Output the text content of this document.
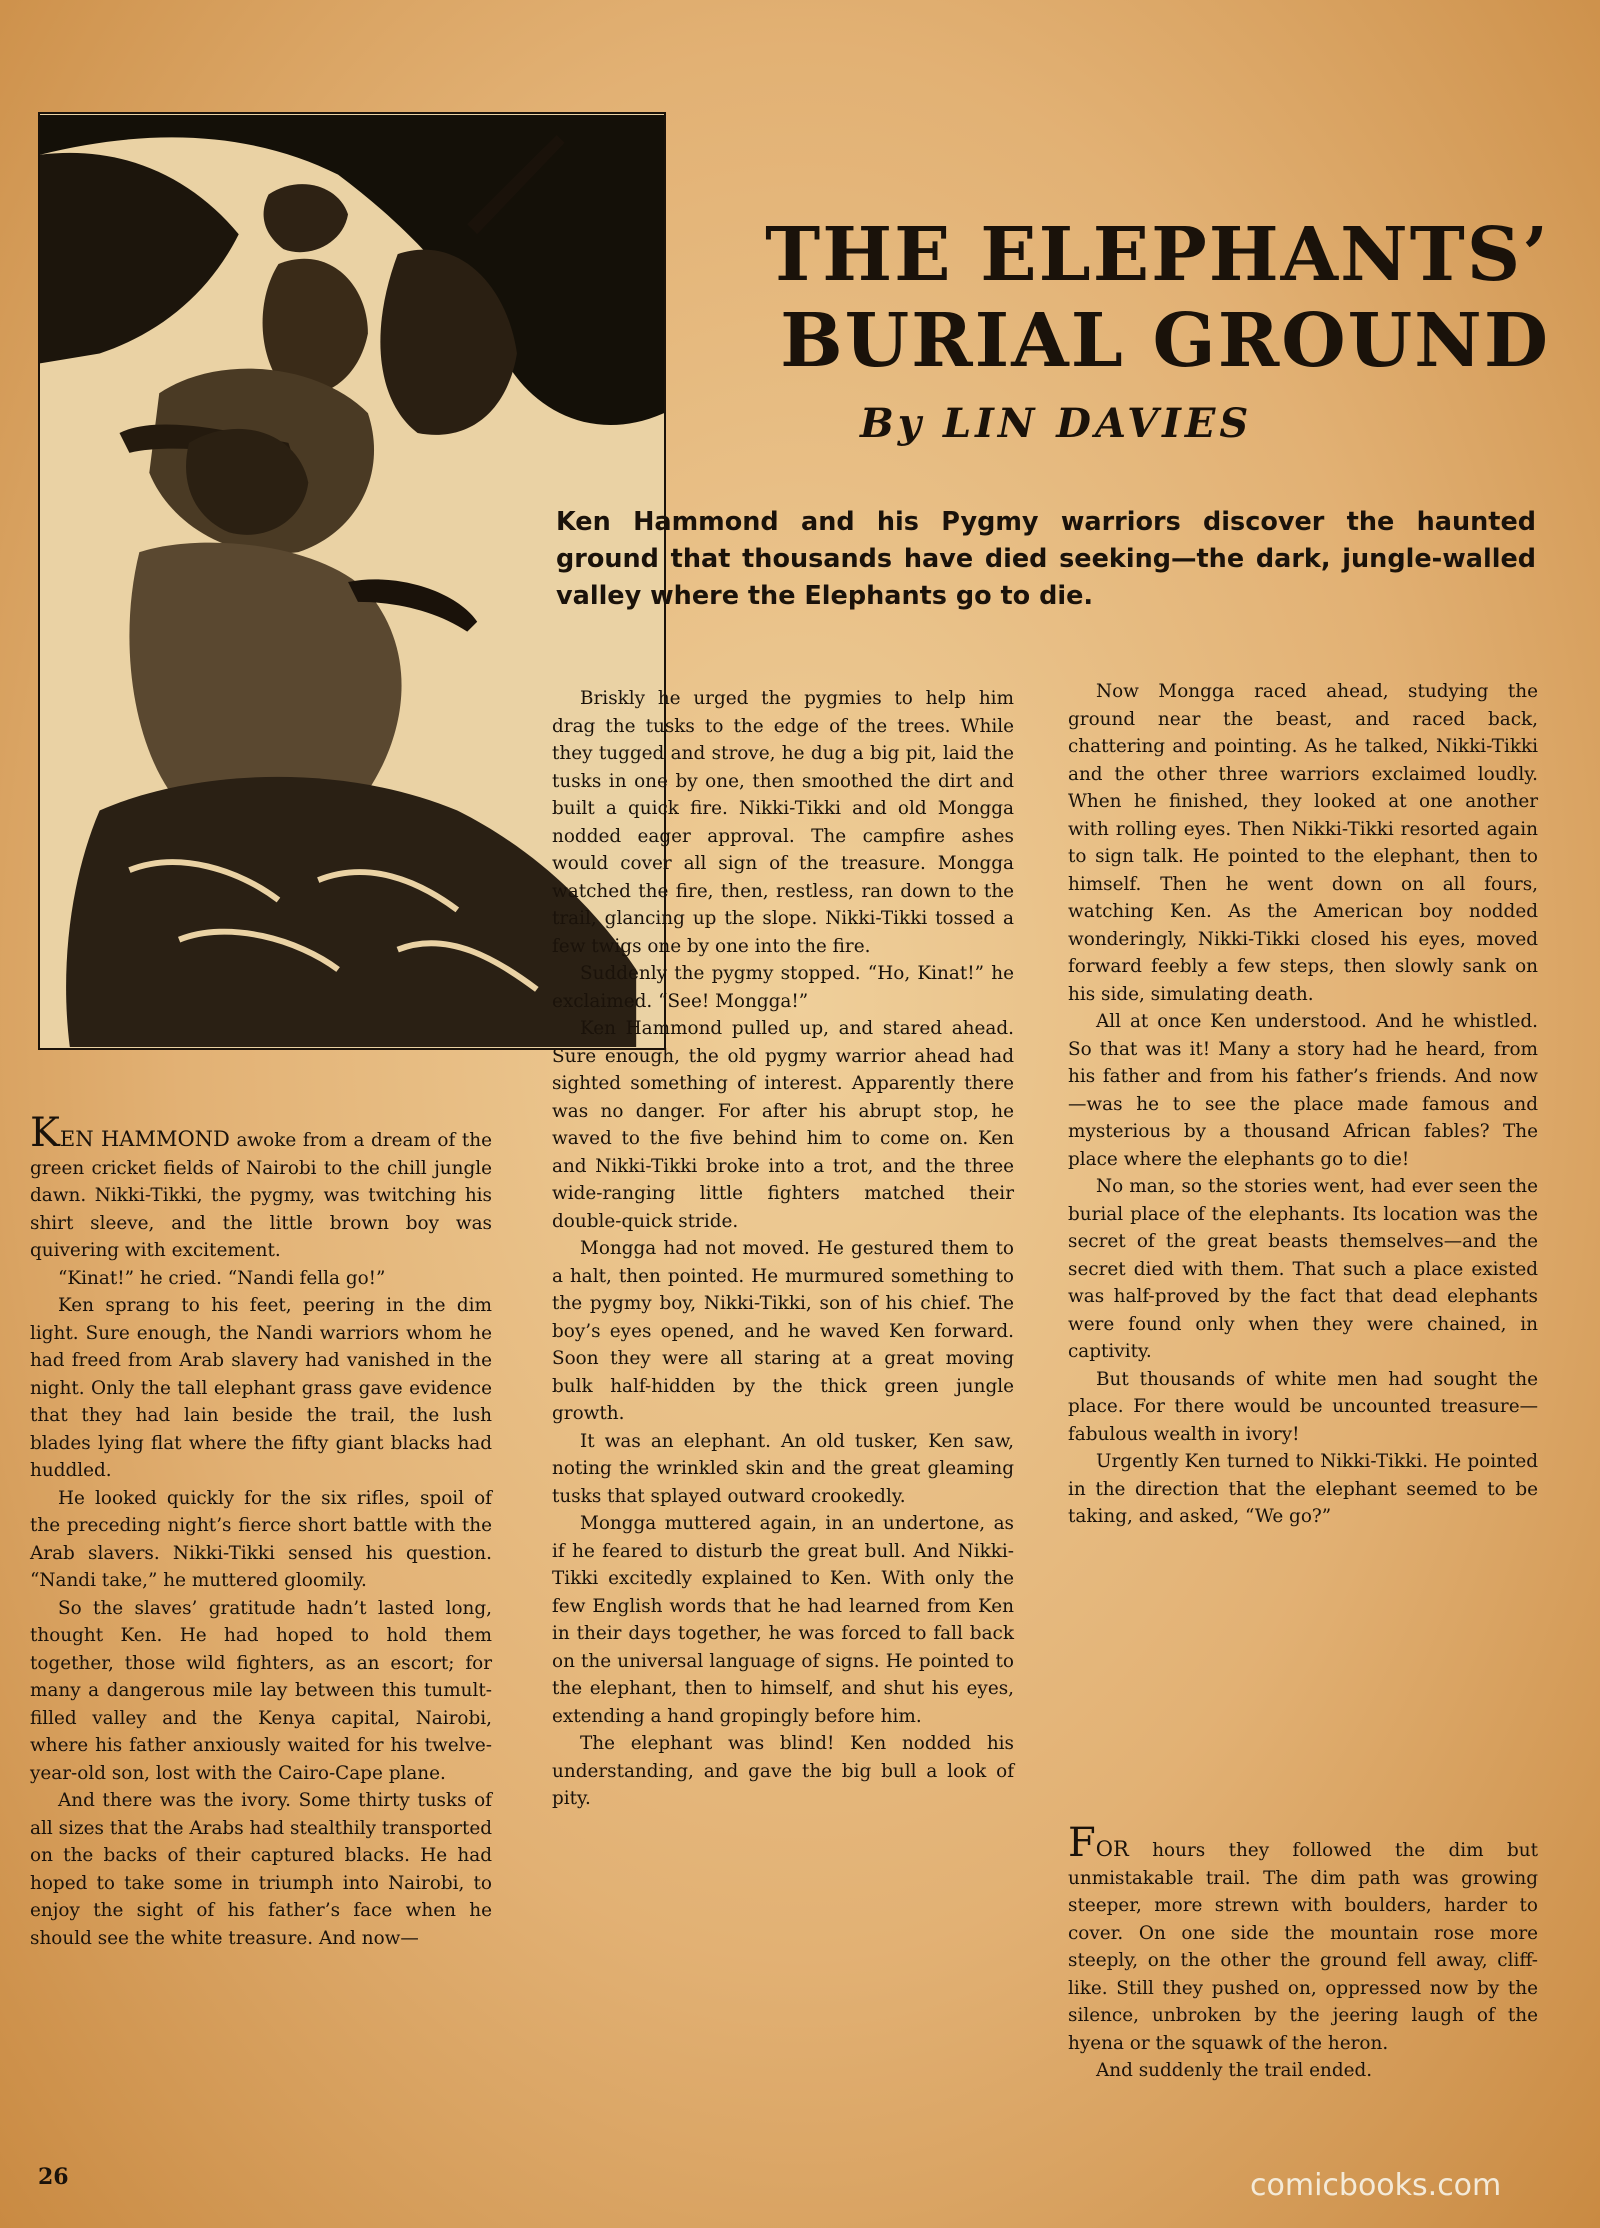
THE ELEPHANTS’
BURIAL GROUND

By LIN DAVIES

Ken Hammond and his Pygmy warriors discover the haunted ground that thousands have died seeking—the dark, jungle-walled valley where the Elephants go to die.

KEN HAMMOND awoke from a dream of the green cricket fields of Nairobi to the chill jungle dawn. Nikki-Tikki, the pygmy, was twitching his shirt sleeve, and the little brown boy was quivering with excitement.

“Kinat!” he cried. “Nandi fella go!”

Ken sprang to his feet, peering in the dim light. Sure enough, the Nandi warriors whom he had freed from Arab slavery had vanished in the night. Only the tall elephant grass gave evidence that they had lain beside the trail, the lush blades lying flat where the fifty giant blacks had huddled.

He looked quickly for the six rifles, spoil of the preceding night’s fierce short battle with the Arab slavers. Nikki-Tikki sensed his question. “Nandi take,” he muttered gloomily.

So the slaves’ gratitude hadn’t lasted long, thought Ken. He had hoped to hold them together, those wild fighters, as an escort; for many a dangerous mile lay between this tumult-filled valley and the Kenya capital, Nairobi, where his father anxiously waited for his twelve-year-old son, lost with the Cairo-Cape plane.

And there was the ivory. Some thirty tusks of all sizes that the Arabs had stealthily transported on the backs of their captured blacks. He had hoped to take some in triumph into Nairobi, to enjoy the sight of his father’s face when he should see the white treasure. And now—

Briskly he urged the pygmies to help him drag the tusks to the edge of the trees. While they tugged and strove, he dug a big pit, laid the tusks in one by one, then smoothed the dirt and built a quick fire. Nikki-Tikki and old Mongga nodded eager approval. The campfire ashes would cover all sign of the treasure. Mongga watched the fire, then, restless, ran down to the trail, glancing up the slope. Nikki-Tikki tossed a few twigs one by one into the fire.

Suddenly the pygmy stopped. “Ho, Kinat!” he exclaimed. “See! Mongga!”

Ken Hammond pulled up, and stared ahead. Sure enough, the old pygmy warrior ahead had sighted something of interest. Apparently there was no danger. For after his abrupt stop, he waved to the five behind him to come on. Ken and Nikki-Tikki broke into a trot, and the three wide-ranging little fighters matched their double-quick stride.

Mongga had not moved. He gestured them to a halt, then pointed. He murmured something to the pygmy boy, Nikki-Tikki, son of his chief. The boy’s eyes opened, and he waved Ken forward. Soon they were all staring at a great moving bulk half-hidden by the thick green jungle growth.

It was an elephant. An old tusker, Ken saw, noting the wrinkled skin and the great gleaming tusks that splayed outward crookedly.

Mongga muttered again, in an undertone, as if he feared to disturb the great bull. And Nikki-Tikki excitedly explained to Ken. With only the few English words that he had learned from Ken in their days together, he was forced to fall back on the universal language of signs. He pointed to the elephant, then to himself, and shut his eyes, extending a hand gropingly before him.

The elephant was blind! Ken nodded his understanding, and gave the big bull a look of pity.

Now Mongga raced ahead, studying the ground near the beast, and raced back, chattering and pointing. As he talked, Nikki-Tikki and the other three warriors exclaimed loudly. When he finished, they looked at one another with rolling eyes. Then Nikki-Tikki resorted again to sign talk. He pointed to the elephant, then to himself. Then he went down on all fours, watching Ken. As the American boy nodded wonderingly, Nikki-Tikki closed his eyes, moved forward feebly a few steps, then slowly sank on his side, simulating death.

All at once Ken understood. And he whistled. So that was it! Many a story had he heard, from his father and from his father’s friends. And now—was he to see the place made famous and mysterious by a thousand African fables? The place where the elephants go to die!

No man, so the stories went, had ever seen the burial place of the elephants. Its location was the secret of the great beasts themselves—and the secret died with them. That such a place existed was half-proved by the fact that dead elephants were found only when they were chained, in captivity.

But thousands of white men had sought the place. For there would be uncounted treasure—fabulous wealth in ivory!

Urgently Ken turned to Nikki-Tikki. He pointed in the direction that the elephant seemed to be taking, and asked, “We go?”

FOR hours they followed the dim but unmistakable trail. The dim path was growing steeper, more strewn with boulders, harder to cover. On one side the mountain rose more steeply, on the other the ground fell away, cliff-like. Still they pushed on, oppressed now by the silence, unbroken by the jeering laugh of the hyena or the squawk of the heron.

And suddenly the trail ended.

26	comicbooks.com
